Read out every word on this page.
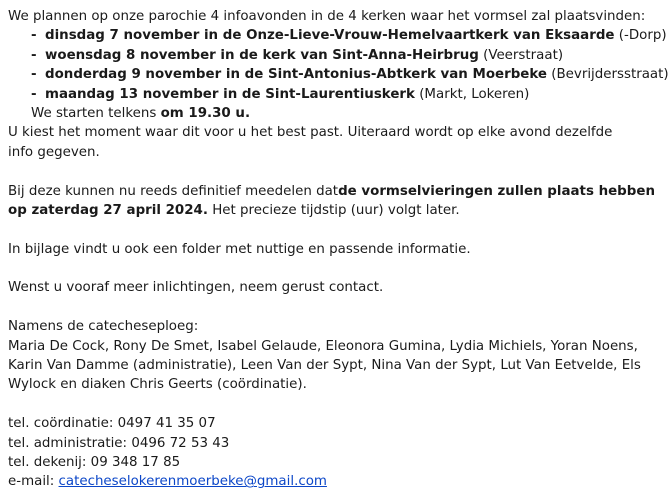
We plannen op onze parochie 4 infoavonden in de 4 kerken waar het vormsel zal plaatsvinden:
- dinsdag 7 november in de Onze-Lieve-Vrouw-Hemelvaartkerk van Eksaarde (-Dorp)
- woensdag 8 november in de kerk van Sint-Anna-Heirbrug (Veerstraat)
- donderdag 9 november in de Sint-Antonius-Abtkerk van Moerbeke (Bevrijdersstraat)
- maandag 13 november in de Sint-Laurentiuskerk (Markt, Lokeren)
We starten telkens om 19.30 u.
U kiest het moment waar dit voor u het best past. Uiteraard wordt op elke avond dezelfde
info gegeven.
Bij deze kunnen nu reeds definitief meedelen dat de vormselvieringen zullen plaats hebben
op zaterdag 27 april 2024. Het precieze tijdstip (uur) volgt later.
In bijlage vindt u ook een folder met nuttige en passende informatie.
Wenst u vooraf meer inlichtingen, neem gerust contact.
Namens de catecheseploeg:
Maria De Cock, Rony De Smet, Isabel Gelaude, Eleonora Gumina, Lydia Michiels, Yoran Noens,
Karin Van Damme (administratie), Leen Van der Sypt, Nina Van der Sypt, Lut Van Eetvelde, Els
Wylock en diaken Chris Geerts (coördinatie).
tel. coördinatie: 0497 41 35 07
tel. administratie: 0496 72 53 43
tel. dekenij: 09 348 17 85
e-mail: catecheselokerenmoerbeke@gmail.com
